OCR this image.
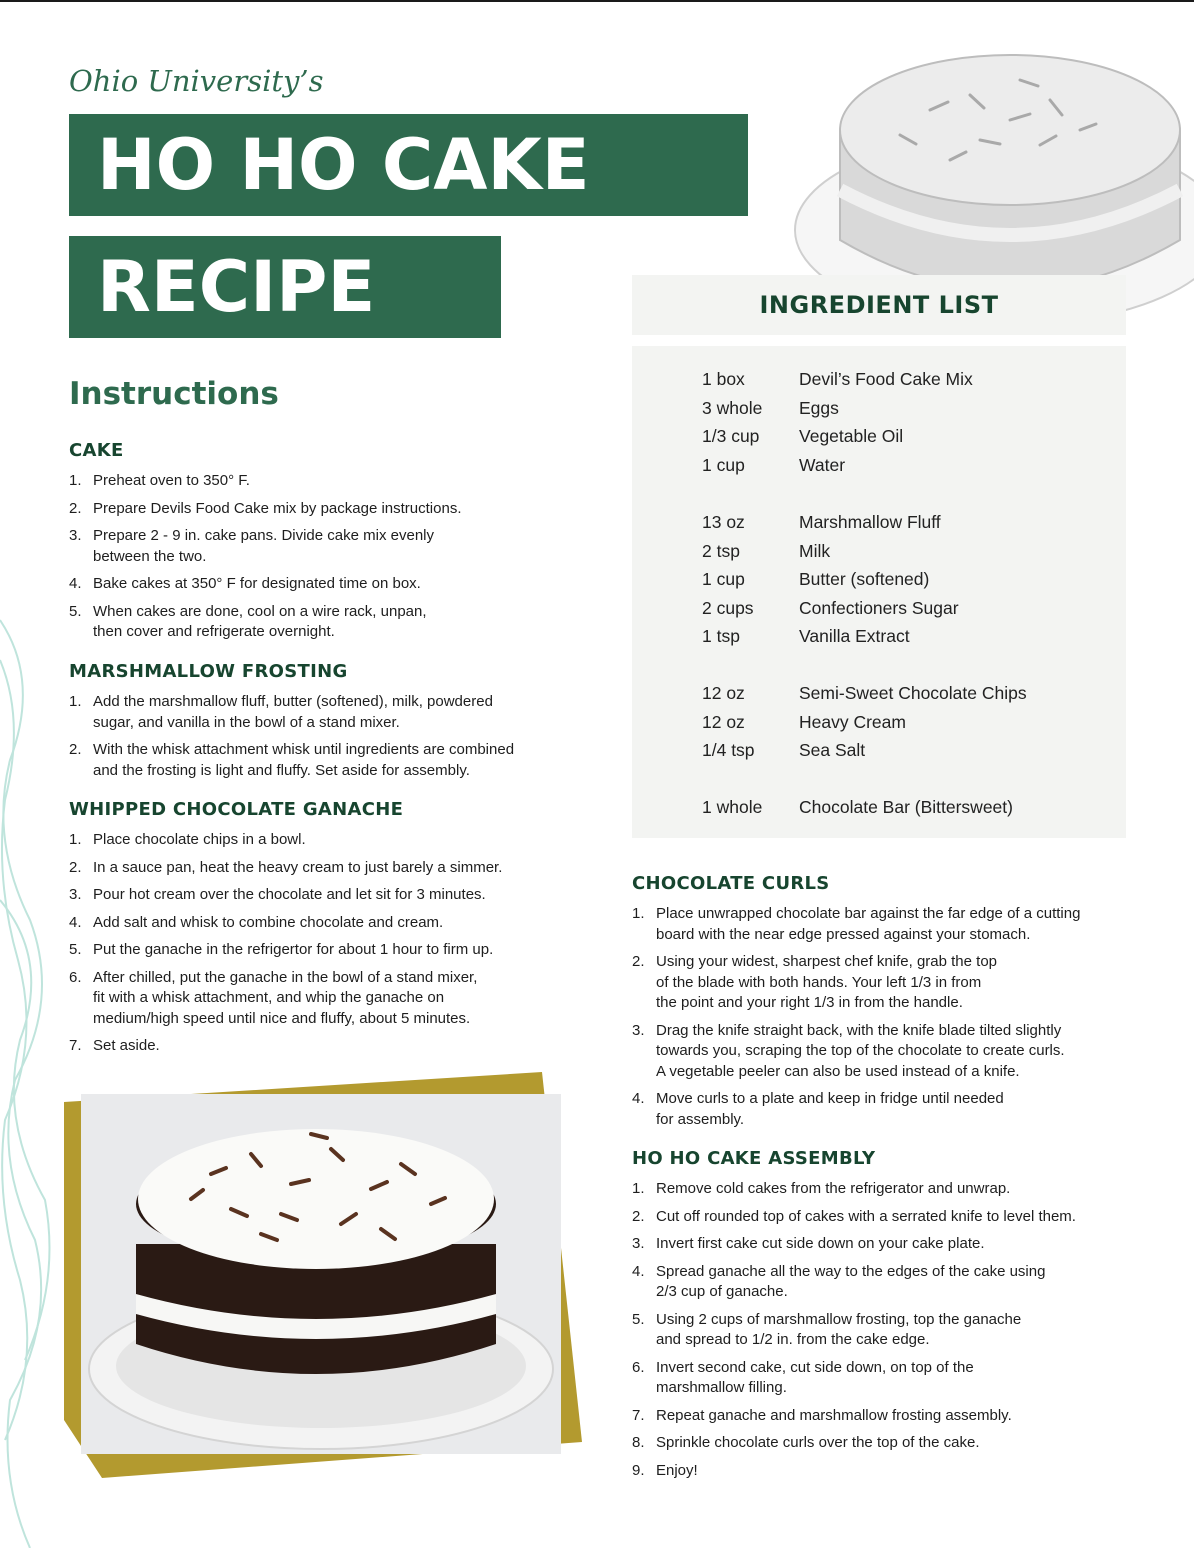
Ohio University’s

HO HO CAKE
RECIPE
Instructions
CAKE
1. Preheat oven to 350° F.
2. Prepare Devils Food Cake mix by package instructions.
3. Prepare 2 - 9 in. cake pans. Divide cake mix evenly
between the two.
4. Bake cakes at 350° F for designated time on box.
5. When cakes are done, cool on a wire rack, unpan,
then cover and refrigerate overnight.
MARSHMALLOW FROSTING
1. Add the marshmallow fluff, butter (softened), milk, powdered
sugar, and vanilla in the bowl of a stand mixer.
2. With the whisk attachment whisk until ingredients are combined
and the frosting is light and fluffy. Set aside for assembly.
WHIPPED CHOCOLATE GANACHE
1. Place chocolate chips in a bowl.
2. In a sauce pan, heat the heavy cream to just barely a simmer.
3. Pour hot cream over the chocolate and let sit for 3 minutes.
4. Add salt and whisk to combine chocolate and cream.
5. Put the ganache in the refrigertor for about 1 hour to firm up.
6. After chilled, put the ganache in the bowl of a stand mixer,
fit with a whisk attachment, and whip the ganache on
medium/high speed until nice and fluffy, about 5 minutes.
7. Set aside.
INGREDIENT LIST
1 box	Devil’s Food Cake Mix
3 whole	Eggs
1/3 cup	Vegetable Oil
1 cup	Water
13 oz	Marshmallow Fluff
2 tsp	Milk
1 cup	Butter (softened)
2 cups	Confectioners Sugar
1 tsp	Vanilla Extract
12 oz	Semi-Sweet Chocolate Chips
12 oz	Heavy Cream
1/4 tsp	Sea Salt
1 whole	Chocolate Bar (Bittersweet)
CHOCOLATE CURLS
1. Place unwrapped chocolate bar against the far edge of a cutting
board with the near edge pressed against your stomach.
2. Using your widest, sharpest chef knife, grab the top
of the blade with both hands. Your left 1/3 in from
the point and your right 1/3 in from the handle.
3. Drag the knife straight back, with the knife blade tilted slightly
towards you, scraping the top of the chocolate to create curls.
A vegetable peeler can also be used instead of a knife.
4. Move curls to a plate and keep in fridge until needed
for assembly.
HO HO CAKE ASSEMBLY
1. Remove cold cakes from the refrigerator and unwrap.
2. Cut off rounded top of cakes with a serrated knife to level them.
3. Invert first cake cut side down on your cake plate.
4. Spread ganache all the way to the edges of the cake using
2/3 cup of ganache.
5. Using 2 cups of marshmallow frosting, top the ganache
and spread to 1/2 in. from the cake edge.
6. Invert second cake, cut side down, on top of the
marshmallow filling.
7. Repeat ganache and marshmallow frosting assembly.
8. Sprinkle chocolate curls over the top of the cake.
9. Enjoy!
